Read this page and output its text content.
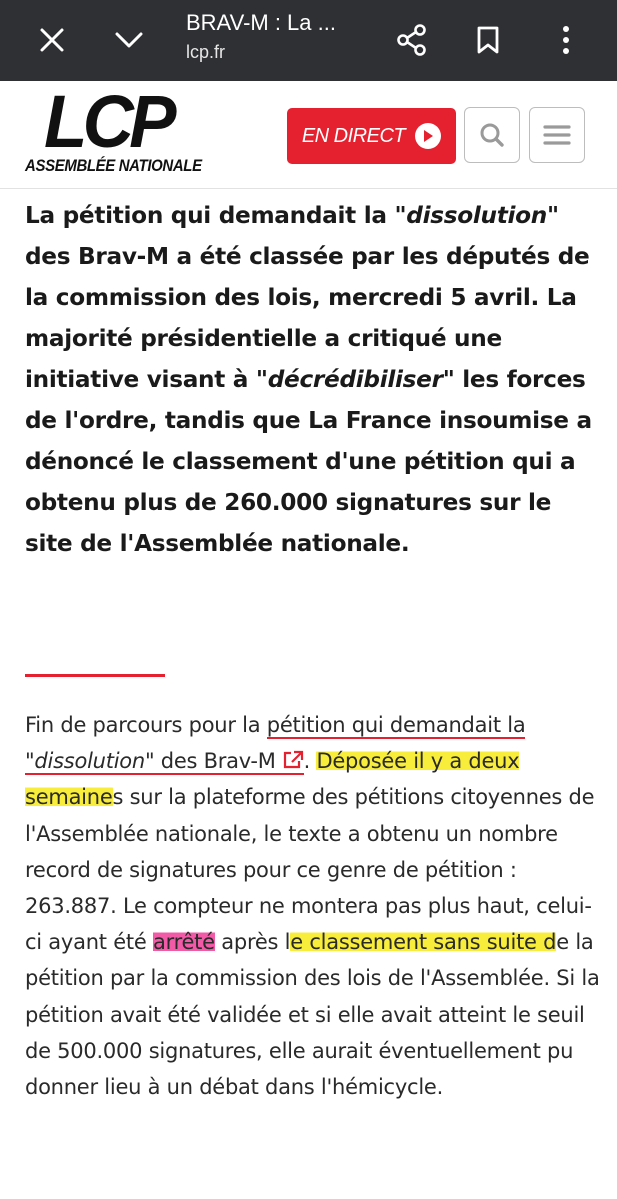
BRAV-M : La ...
lcp.fr
LCP
ASSEMBLÉE NATIONALE
EN DIRECT
La pétition qui demandait la "dissolution" des Brav-M a été classée par les députés de la commission des lois, mercredi 5 avril. La majorité présidentielle a critiqué une initiative visant à "décrédibiliser" les forces de l'ordre, tandis que La France insoumise a dénoncé le classement d'une pétition qui a obtenu plus de 260.000 signatures sur le site de l'Assemblée nationale.
Fin de parcours pour la pétition qui demandait la "dissolution" des Brav-M . Déposée il y a deux semaines sur la plateforme des pétitions citoyennes de l'Assemblée nationale, le texte a obtenu un nombre record de signatures pour ce genre de pétition : 263.887. Le compteur ne montera pas plus haut, celui-ci ayant été arrêté après le classement sans suite de la pétition par la commission des lois de l'Assemblée. Si la pétition avait été validée et si elle avait atteint le seuil de 500.000 signatures, elle aurait éventuellement pu donner lieu à un débat dans l'hémicycle.
